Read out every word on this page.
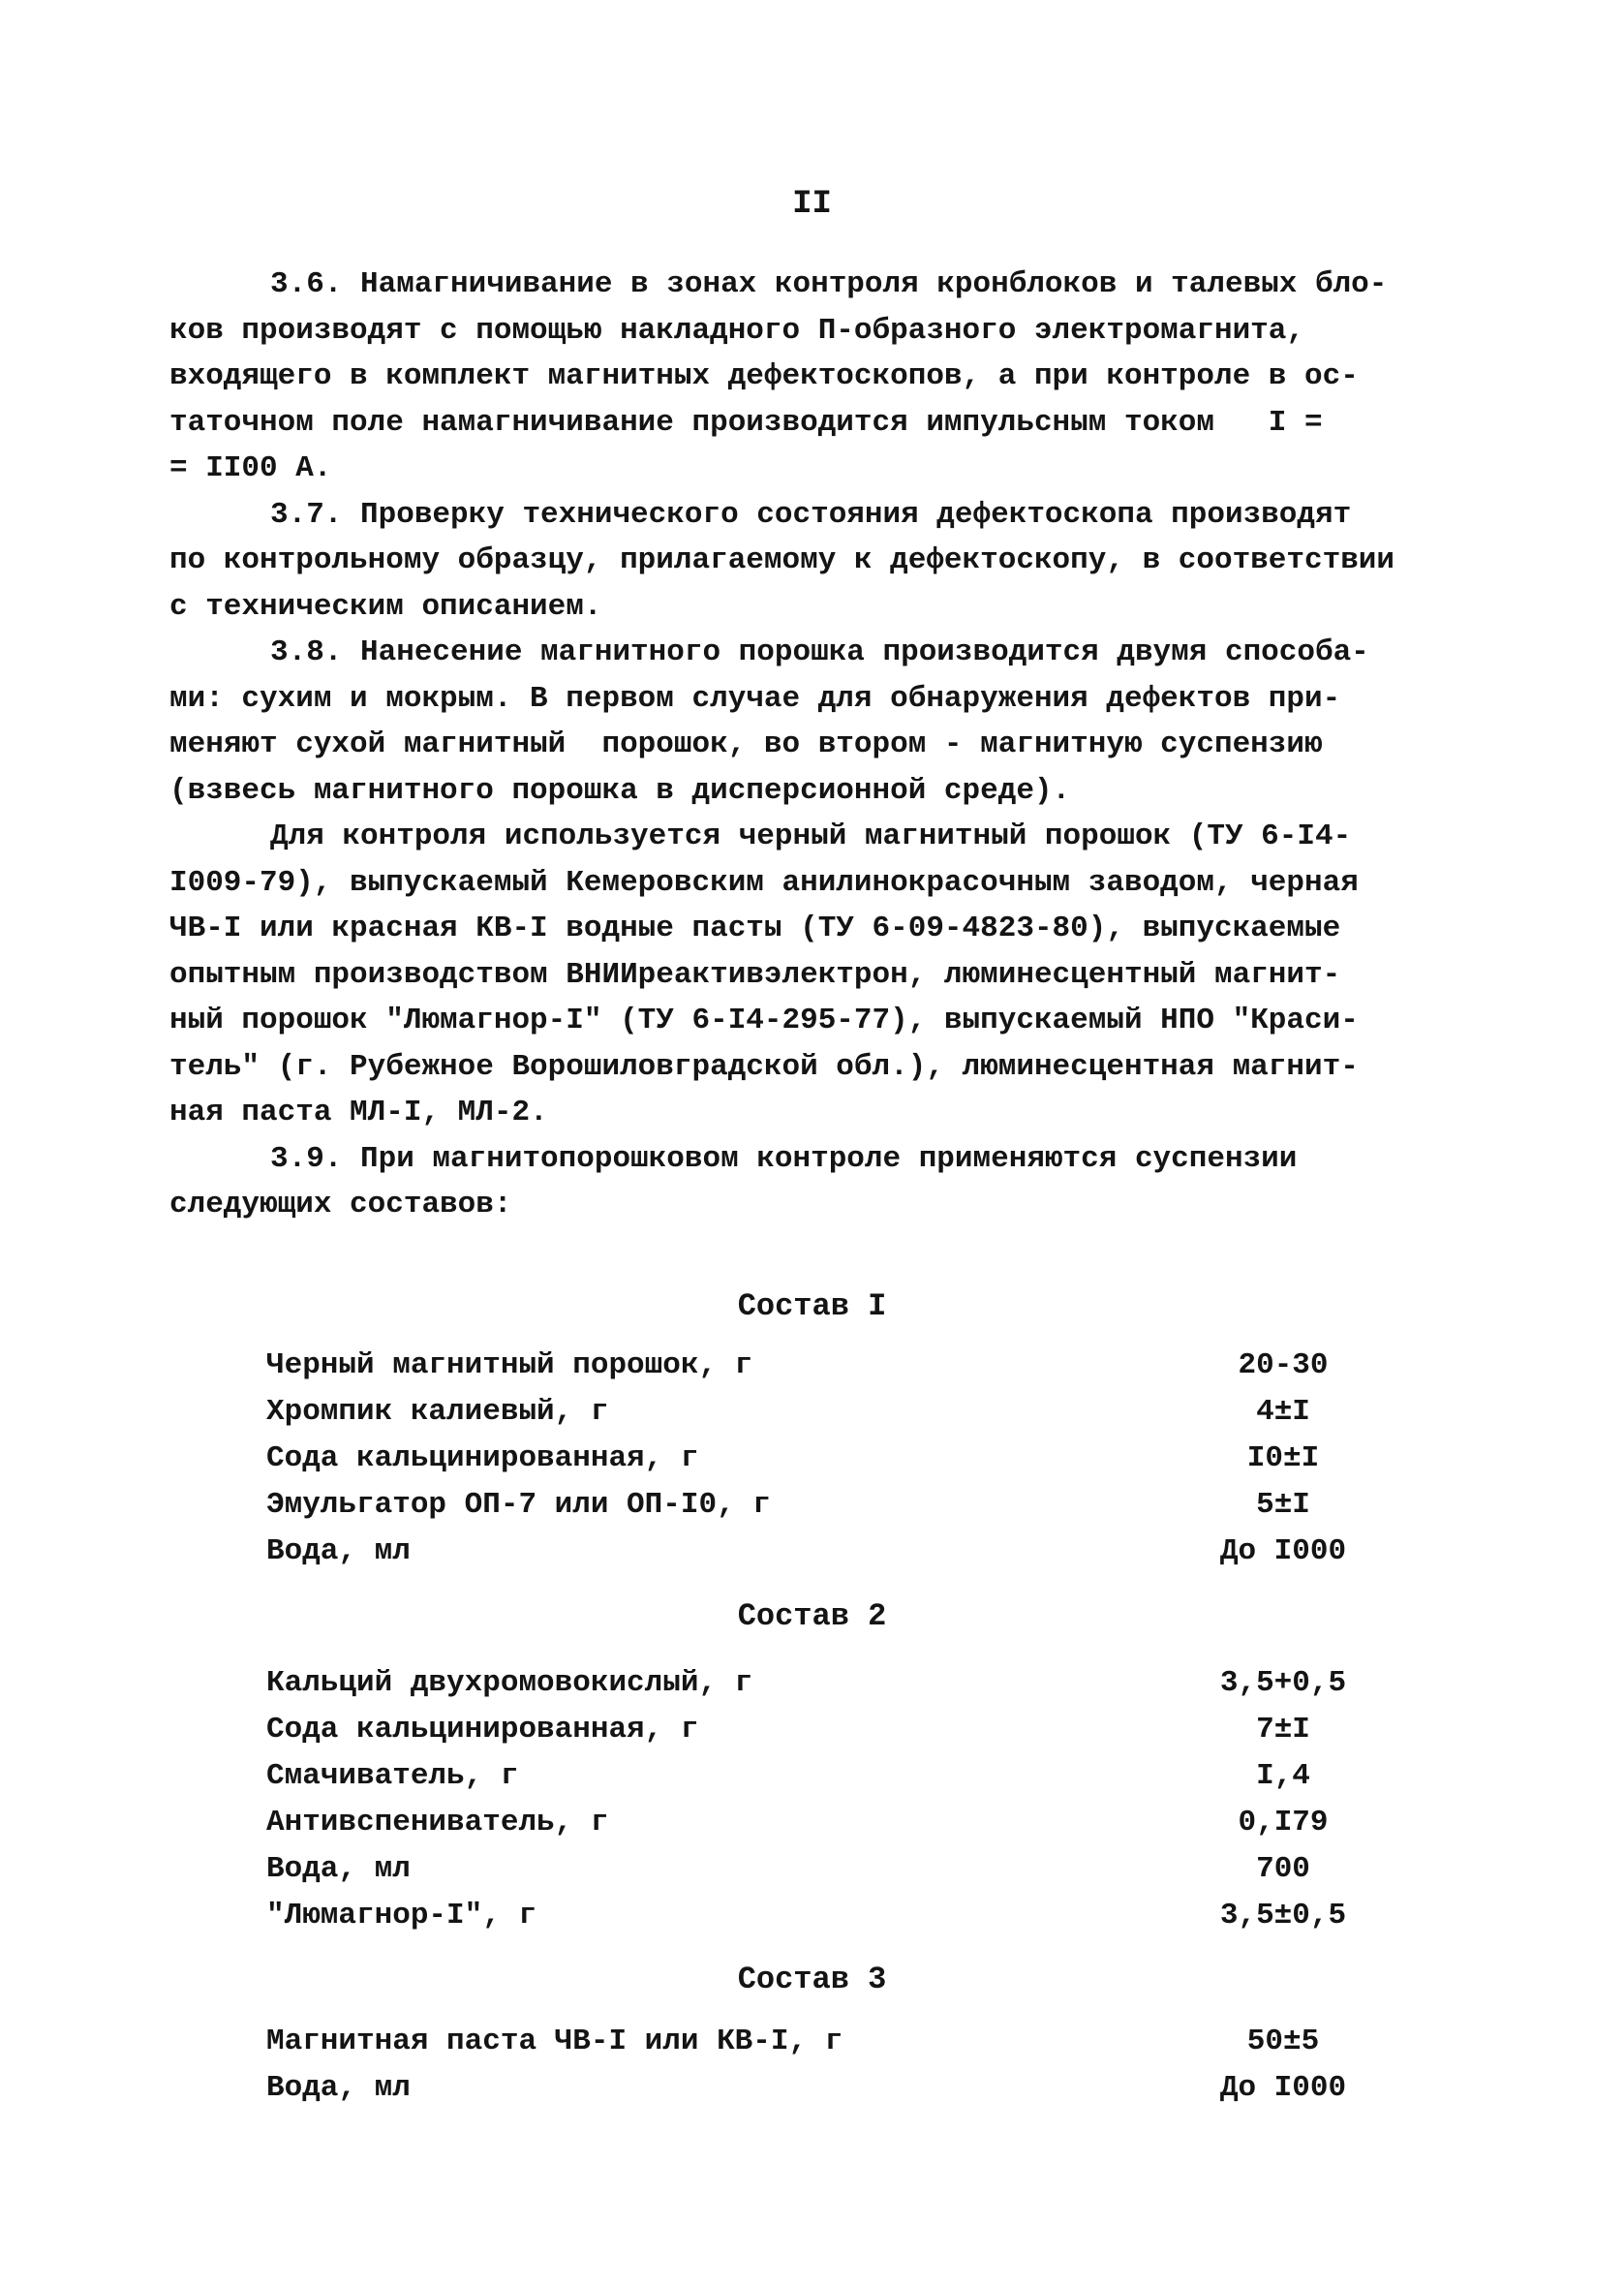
II

3.6. Намагничивание в зонах контроля кронблоков и талевых бло-
ков производят с помощью накладного П-образного электромагнита,
входящего в комплект магнитных дефектоскопов, а при контроле в ос-
таточном поле намагничивание производится импульсным током   I =
= II00 А.

3.7. Проверку технического состояния дефектоскопа производят
по контрольному образцу, прилагаемому к дефектоскопу, в соответствии
с техническим описанием.

3.8. Нанесение магнитного порошка производится двумя способа-
ми: сухим и мокрым. В первом случае для обнаружения дефектов при-
меняют сухой магнитный  порошок, во втором - магнитную суспензию
(взвесь магнитного порошка в дисперсионной среде).

Для контроля используется черный магнитный порошок (ТУ 6-I4-
I009-79), выпускаемый Кемеровским анилинокрасочным заводом, черная
ЧВ-I или красная КВ-I водные пасты (ТУ 6-09-4823-80), выпускаемые
опытным производством ВНИИреактивэлектрон, люминесцентный магнит-
ный порошок "Люмагнор-I" (ТУ 6-I4-295-77), выпускаемый НПО "Краси-
тель" (г. Рубежное Ворошиловградской обл.), люминесцентная магнит-
ная паста МЛ-I, МЛ-2.

3.9. При магнитопорошковом контроле применяются суспензии
следующих составов:

Состав I
Черный магнитный порошок, г	20-30
Хромпик калиевый, г	4±I
Сода кальцинированная, г	I0±I
Эмульгатор ОП-7 или ОП-I0, г	5±I
Вода, мл	До I000
Состав 2
Кальций двухромовокислый, г	3,5+0,5
Сода кальцинированная, г	7±I
Смачиватель, г	I,4
Антивспениватель, г	0,I79
Вода, мл	700
"Люмагнор-I", г	3,5±0,5
Состав 3
Магнитная паста ЧВ-I или КВ-I, г	50±5
Вода, мл	До I000
